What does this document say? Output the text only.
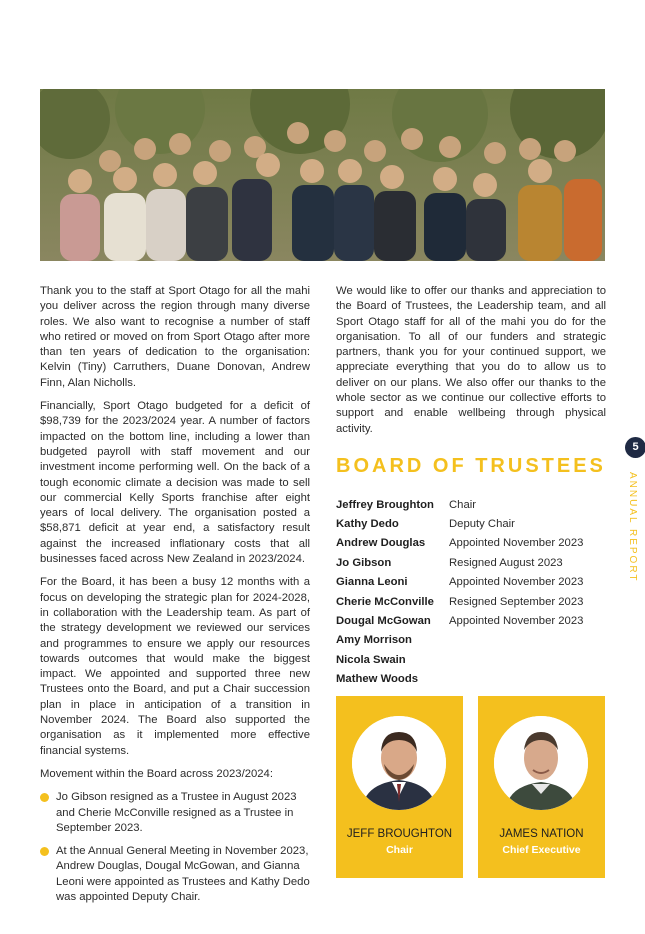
Thank you to the staff at Sport Otago for all the mahi you deliver across the region through many diverse roles. We also want to recognise a number of staff who retired or moved on from Sport Otago after more than ten years of dedication to the organisation: Kelvin (Tiny) Carruthers, Duane Donovan, Andrew Finn, Alan Nicholls.

Financially, Sport Otago budgeted for a deficit of $98,739 for the 2023/2024 year. A number of factors impacted on the bottom line, including a lower than budgeted payroll with staff movement and our investment income performing well. On the back of a tough economic climate a decision was made to sell our commercial Kelly Sports franchise after eight years of local delivery. The organisation posted a $58,871 deficit at year end, a satisfactory result against the increased inflationary costs that all businesses faced across New Zealand in 2023/2024.

For the Board, it has been a busy 12 months with a focus on developing the strategic plan for 2024-2028, in collaboration with the Leadership team. As part of the strategy development we reviewed our services and programmes to ensure we apply our resources towards outcomes that would make the biggest impact. We appointed and supported three new Trustees onto the Board, and put a Chair succession plan in place in anticipation of a transition in November 2024. The Board also supported the organisation as it implemented more effective financial systems.

Movement within the Board across 2023/2024:

Jo Gibson resigned as a Trustee in August 2023 and Cherie McConville resigned as a Trustee in September 2023.
At the Annual General Meeting in November 2023, Andrew Douglas, Dougal McGowan, and Gianna Leoni were appointed as Trustees and Kathy Dedo was appointed Deputy Chair.

We would like to offer our thanks and appreciation to the Board of Trustees, the Leadership team, and all Sport Otago staff for all of the mahi you do for the organisation. To all of our funders and strategic partners, thank you for your continued support, we appreciate everything that you do to allow us to deliver on our plans. We also offer our thanks to the whole sector as we continue our collective efforts to support and enable wellbeing through physical activity.

BOARD OF TRUSTEES
Jeffrey Broughton	Chair
Kathy Dedo	Deputy Chair
Andrew Douglas	Appointed November 2023
Jo Gibson	Resigned August 2023
Gianna Leoni	Appointed November 2023
Cherie McConville	Resigned September 2023
Dougal McGowan	Appointed November 2023
Amy Morrison
Nicola Swain
Mathew Woods
JEFF BROUGHTON
Chair
JAMES NATION
Chief Executive
5
ANNUAL REPORT
